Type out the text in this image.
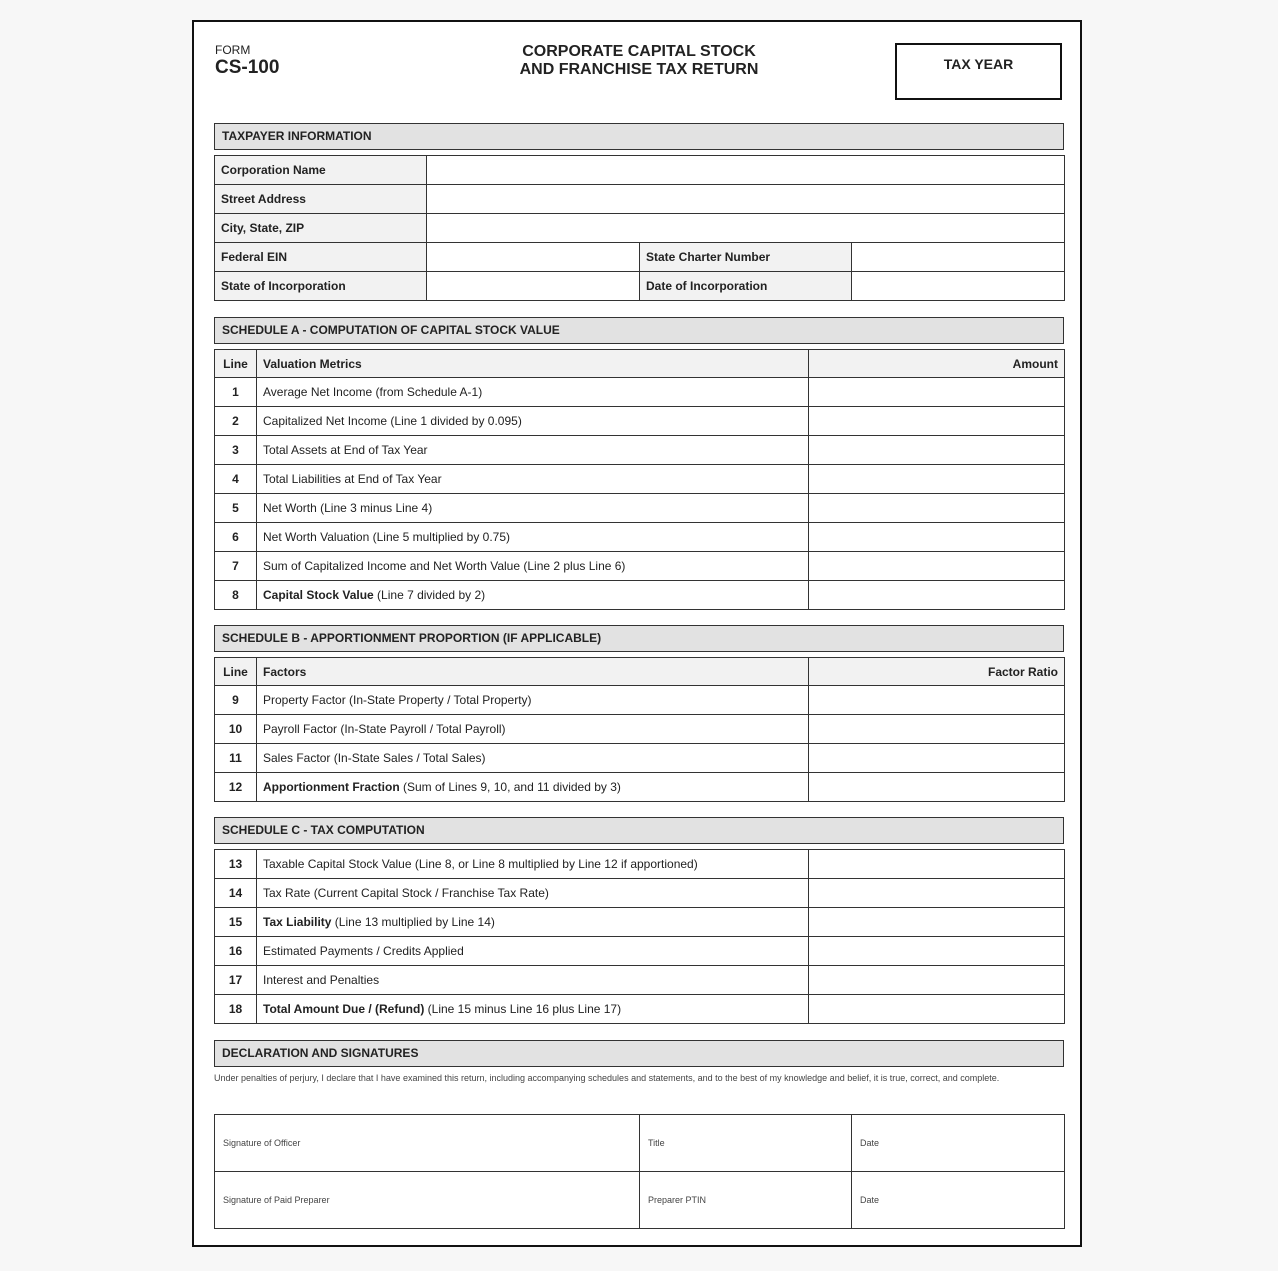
FORM
CS-100
CORPORATE CAPITAL STOCK
AND FRANCHISE TAX RETURN	TAX YEAR
TAXPAYER INFORMATION
Corporation Name			
Street Address			
City, State, ZIP			
Federal EIN		State Charter Number	
State of Incorporation		Date of Incorporation	
SCHEDULE A - COMPUTATION OF CAPITAL STOCK VALUE
Line	Valuation Metrics	Amount
1	Average Net Income (from Schedule A-1)	
2	Capitalized Net Income (Line 1 divided by 0.095)	
3	Total Assets at End of Tax Year	
4	Total Liabilities at End of Tax Year	
5	Net Worth (Line 3 minus Line 4)	
6	Net Worth Valuation (Line 5 multiplied by 0.75)	
7	Sum of Capitalized Income and Net Worth Value (Line 2 plus Line 6)	
8	Capital Stock Value (Line 7 divided by 2)	
SCHEDULE B - APPORTIONMENT PROPORTION (IF APPLICABLE)
Line	Factors	Factor Ratio
9	Property Factor (In-State Property / Total Property)	
10	Payroll Factor (In-State Payroll / Total Payroll)	
11	Sales Factor (In-State Sales / Total Sales)	
12	Apportionment Fraction (Sum of Lines 9, 10, and 11 divided by 3)	
SCHEDULE C - TAX COMPUTATION
13	Taxable Capital Stock Value (Line 8, or Line 8 multiplied by Line 12 if apportioned)	
14	Tax Rate (Current Capital Stock / Franchise Tax Rate)	
15	Tax Liability (Line 13 multiplied by Line 14)	
16	Estimated Payments / Credits Applied	
17	Interest and Penalties	
18	Total Amount Due / (Refund) (Line 15 minus Line 16 plus Line 17)	
DECLARATION AND SIGNATURES
Under penalties of perjury, I declare that I have examined this return, including accompanying schedules and statements, and to the best of my knowledge and belief, it is true, correct, and complete.
Signature of Officer	Title	Date
Signature of Paid Preparer	Preparer PTIN	Date
